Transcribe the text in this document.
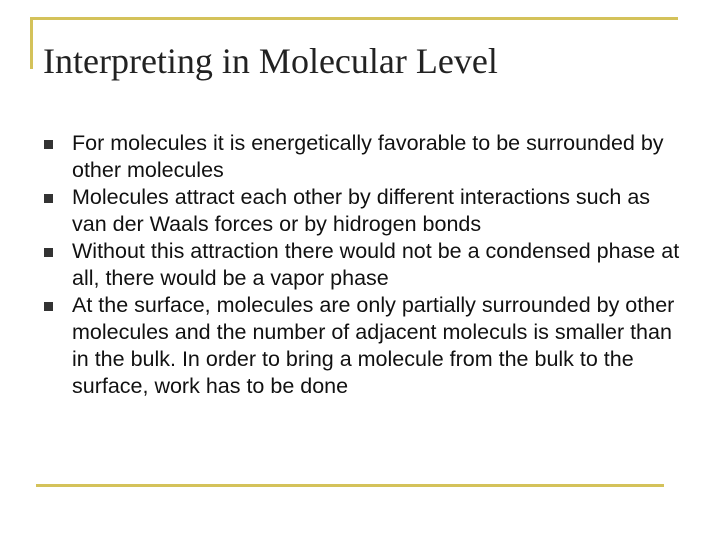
Interpreting in Molecular Level
For molecules it is energetically favorable to be surrounded by other molecules
Molecules attract each other by different interactions such as van der Waals forces or by hidrogen bonds
Without this attraction there would not be a condensed phase at all, there would be a vapor phase
At the surface, molecules are only partially surrounded by other molecules and the number of adjacent moleculs is smaller than in the bulk. In order to bring a molecule from the bulk to the surface, work has to be done
